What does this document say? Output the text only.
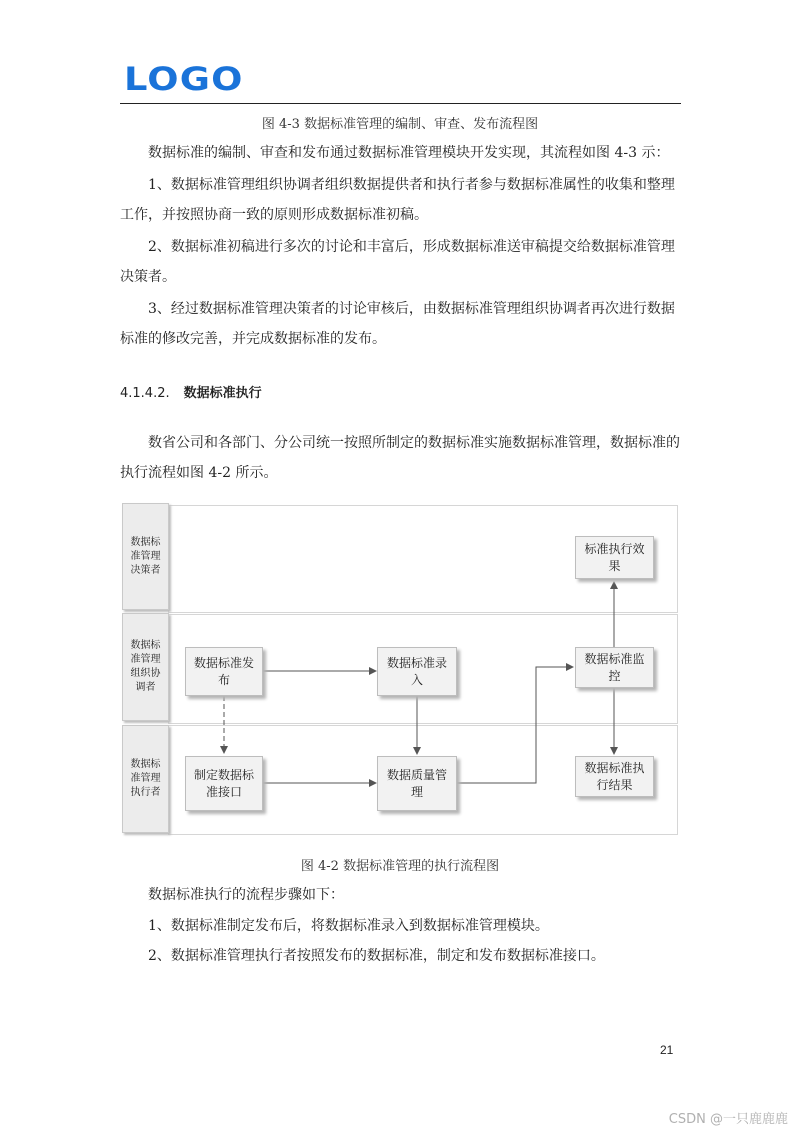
LOGO
图 4-3 数据标准管理的编制、审查、发布流程图
数据标准的编制、审查和发布通过数据标准管理模块开发实现，其流程如图 4-3 示：
1、数据标准管理组织协调者组织数据提供者和执行者参与数据标准属性的收集和整理工作，并按照协商一致的原则形成数据标准初稿。
2、数据标准初稿进行多次的讨论和丰富后，形成数据标准送审稿提交给数据标准管理决策者。
3、经过数据标准管理决策者的讨论审核后，由数据标准管理组织协调者再次进行数据标准的修改完善，并完成数据标准的发布。
4.1.4.2. 数据标准执行
数省公司和各部门、分公司统一按照所制定的数据标准实施数据标准管理，数据标准的执行流程如图 4-2 所示。
数据标准管理决策者
数据标准管理组织协调者
数据标准管理执行者
标准执行效果
数据标准发布
数据标准录入
数据标准监控
制定数据标准接口
数据质量管理
数据标准执行结果
图 4-2 数据标准管理的执行流程图
数据标准执行的流程步骤如下：
1、数据标准制定发布后，将数据标准录入到数据标准管理模块。
2、数据标准管理执行者按照发布的数据标准，制定和发布数据标准接口。
21
CSDN @一只鹿鹿鹿
